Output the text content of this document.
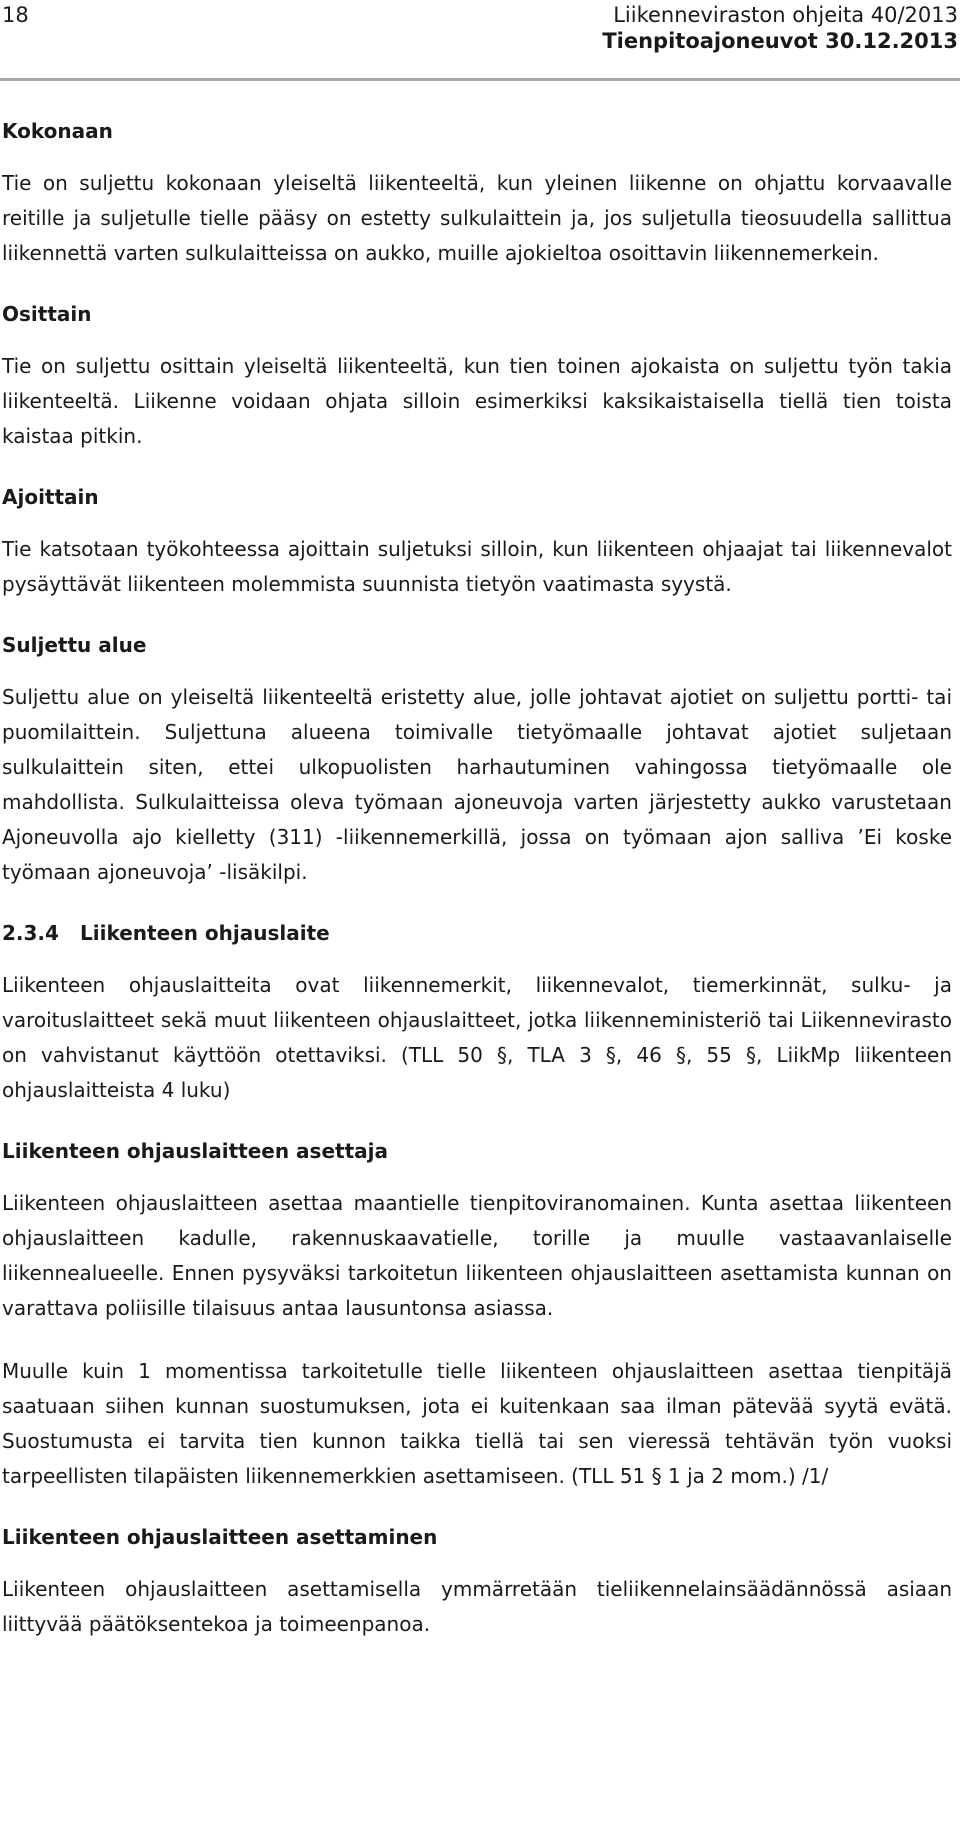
18	Liikenneviraston ohjeita 40/2013
Tienpitoajoneuvot 30.12.2013
Kokonaan

Tie on suljettu kokonaan yleiseltä liikenteeltä, kun yleinen liikenne on ohjattu korvaavalle reitille ja suljetulle tielle pääsy on estetty sulkulaittein ja, jos suljetulla tieosuudella sallittua liikennettä varten sulkulaitteissa on aukko, muille ajokieltoa osoittavin liikennemerkein.

Osittain

Tie on suljettu osittain yleiseltä liikenteeltä, kun tien toinen ajokaista on suljettu työn takia liikenteeltä. Liikenne voidaan ohjata silloin esimerkiksi kaksikaistaisella tiellä tien toista kaistaa pitkin.

Ajoittain

Tie katsotaan työkohteessa ajoittain suljetuksi silloin, kun liikenteen ohjaajat tai liikennevalot pysäyttävät liikenteen molemmista suunnista tietyön vaatimasta syystä.

Suljettu alue

Suljettu alue on yleiseltä liikenteeltä eristetty alue, jolle johtavat ajotiet on suljettu portti- tai puomilaittein. Suljettuna alueena toimivalle tietyömaalle johtavat ajotiet suljetaan sulkulaittein siten, ettei ulkopuolisten harhautuminen vahingossa tietyömaalle ole mahdollista. Sulkulaitteissa oleva työmaan ajoneuvoja varten järjestetty aukko varustetaan Ajoneuvolla ajo kielletty (311) -liikennemerkillä, jossa on työmaan ajon salliva ’Ei koske työmaan ajoneuvoja’ -lisäkilpi.

2.3.4 Liikenteen ohjauslaite

Liikenteen ohjauslaitteita ovat liikennemerkit, liikennevalot, tiemerkinnät, sulku- ja varoituslaitteet sekä muut liikenteen ohjauslaitteet, jotka liikenneministeriö tai Liikennevirasto on vahvistanut käyttöön otettaviksi. (TLL 50 §, TLA 3 §, 46 §, 55 §, LiikMp liikenteen ohjauslaitteista 4 luku)

Liikenteen ohjauslaitteen asettaja

Liikenteen ohjauslaitteen asettaa maantielle tienpitoviranomainen. Kunta asettaa liikenteen ohjauslaitteen kadulle, rakennuskaavatielle, torille ja muulle vastaavanlaiselle liikennealueelle. Ennen pysyväksi tarkoitetun liikenteen ohjauslaitteen asettamista kunnan on varattava poliisille tilaisuus antaa lausuntonsa asiassa.

Muulle kuin 1 momentissa tarkoitetulle tielle liikenteen ohjauslaitteen asettaa tienpitäjä saatuaan siihen kunnan suostumuksen, jota ei kuitenkaan saa ilman pätevää syytä evätä. Suostumusta ei tarvita tien kunnon taikka tiellä tai sen vieressä tehtävän työn vuoksi tarpeellisten tilapäisten liikennemerkkien asettamiseen. (TLL 51 § 1 ja 2 mom.) /1/

Liikenteen ohjauslaitteen asettaminen

Liikenteen ohjauslaitteen asettamisella ymmärretään tieliikennelainsäädännössä asiaan liittyvää päätöksentekoa ja toimeenpanoa.
